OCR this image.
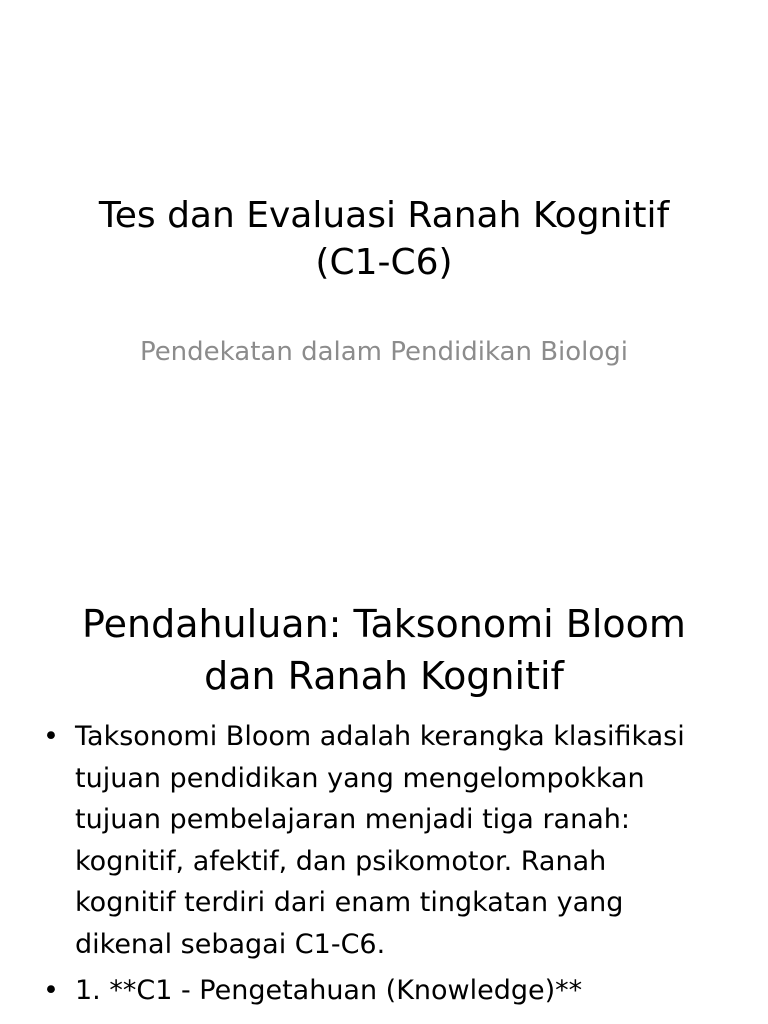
Tes dan Evaluasi Ranah Kognitif
(C1-C6)

Pendekatan dalam Pendidikan Biologi

Pendahuluan: Taksonomi Bloom
dan Ranah Kognitif
• Taksonomi Bloom adalah kerangka klasifikasi tujuan pendidikan yang mengelompokkan tujuan pembelajaran menjadi tiga ranah: kognitif, afektif, dan psikomotor. Ranah kognitif terdiri dari enam tingkatan yang dikenal sebagai C1-C6.
• 1. **C1 - Pengetahuan (Knowledge)**
